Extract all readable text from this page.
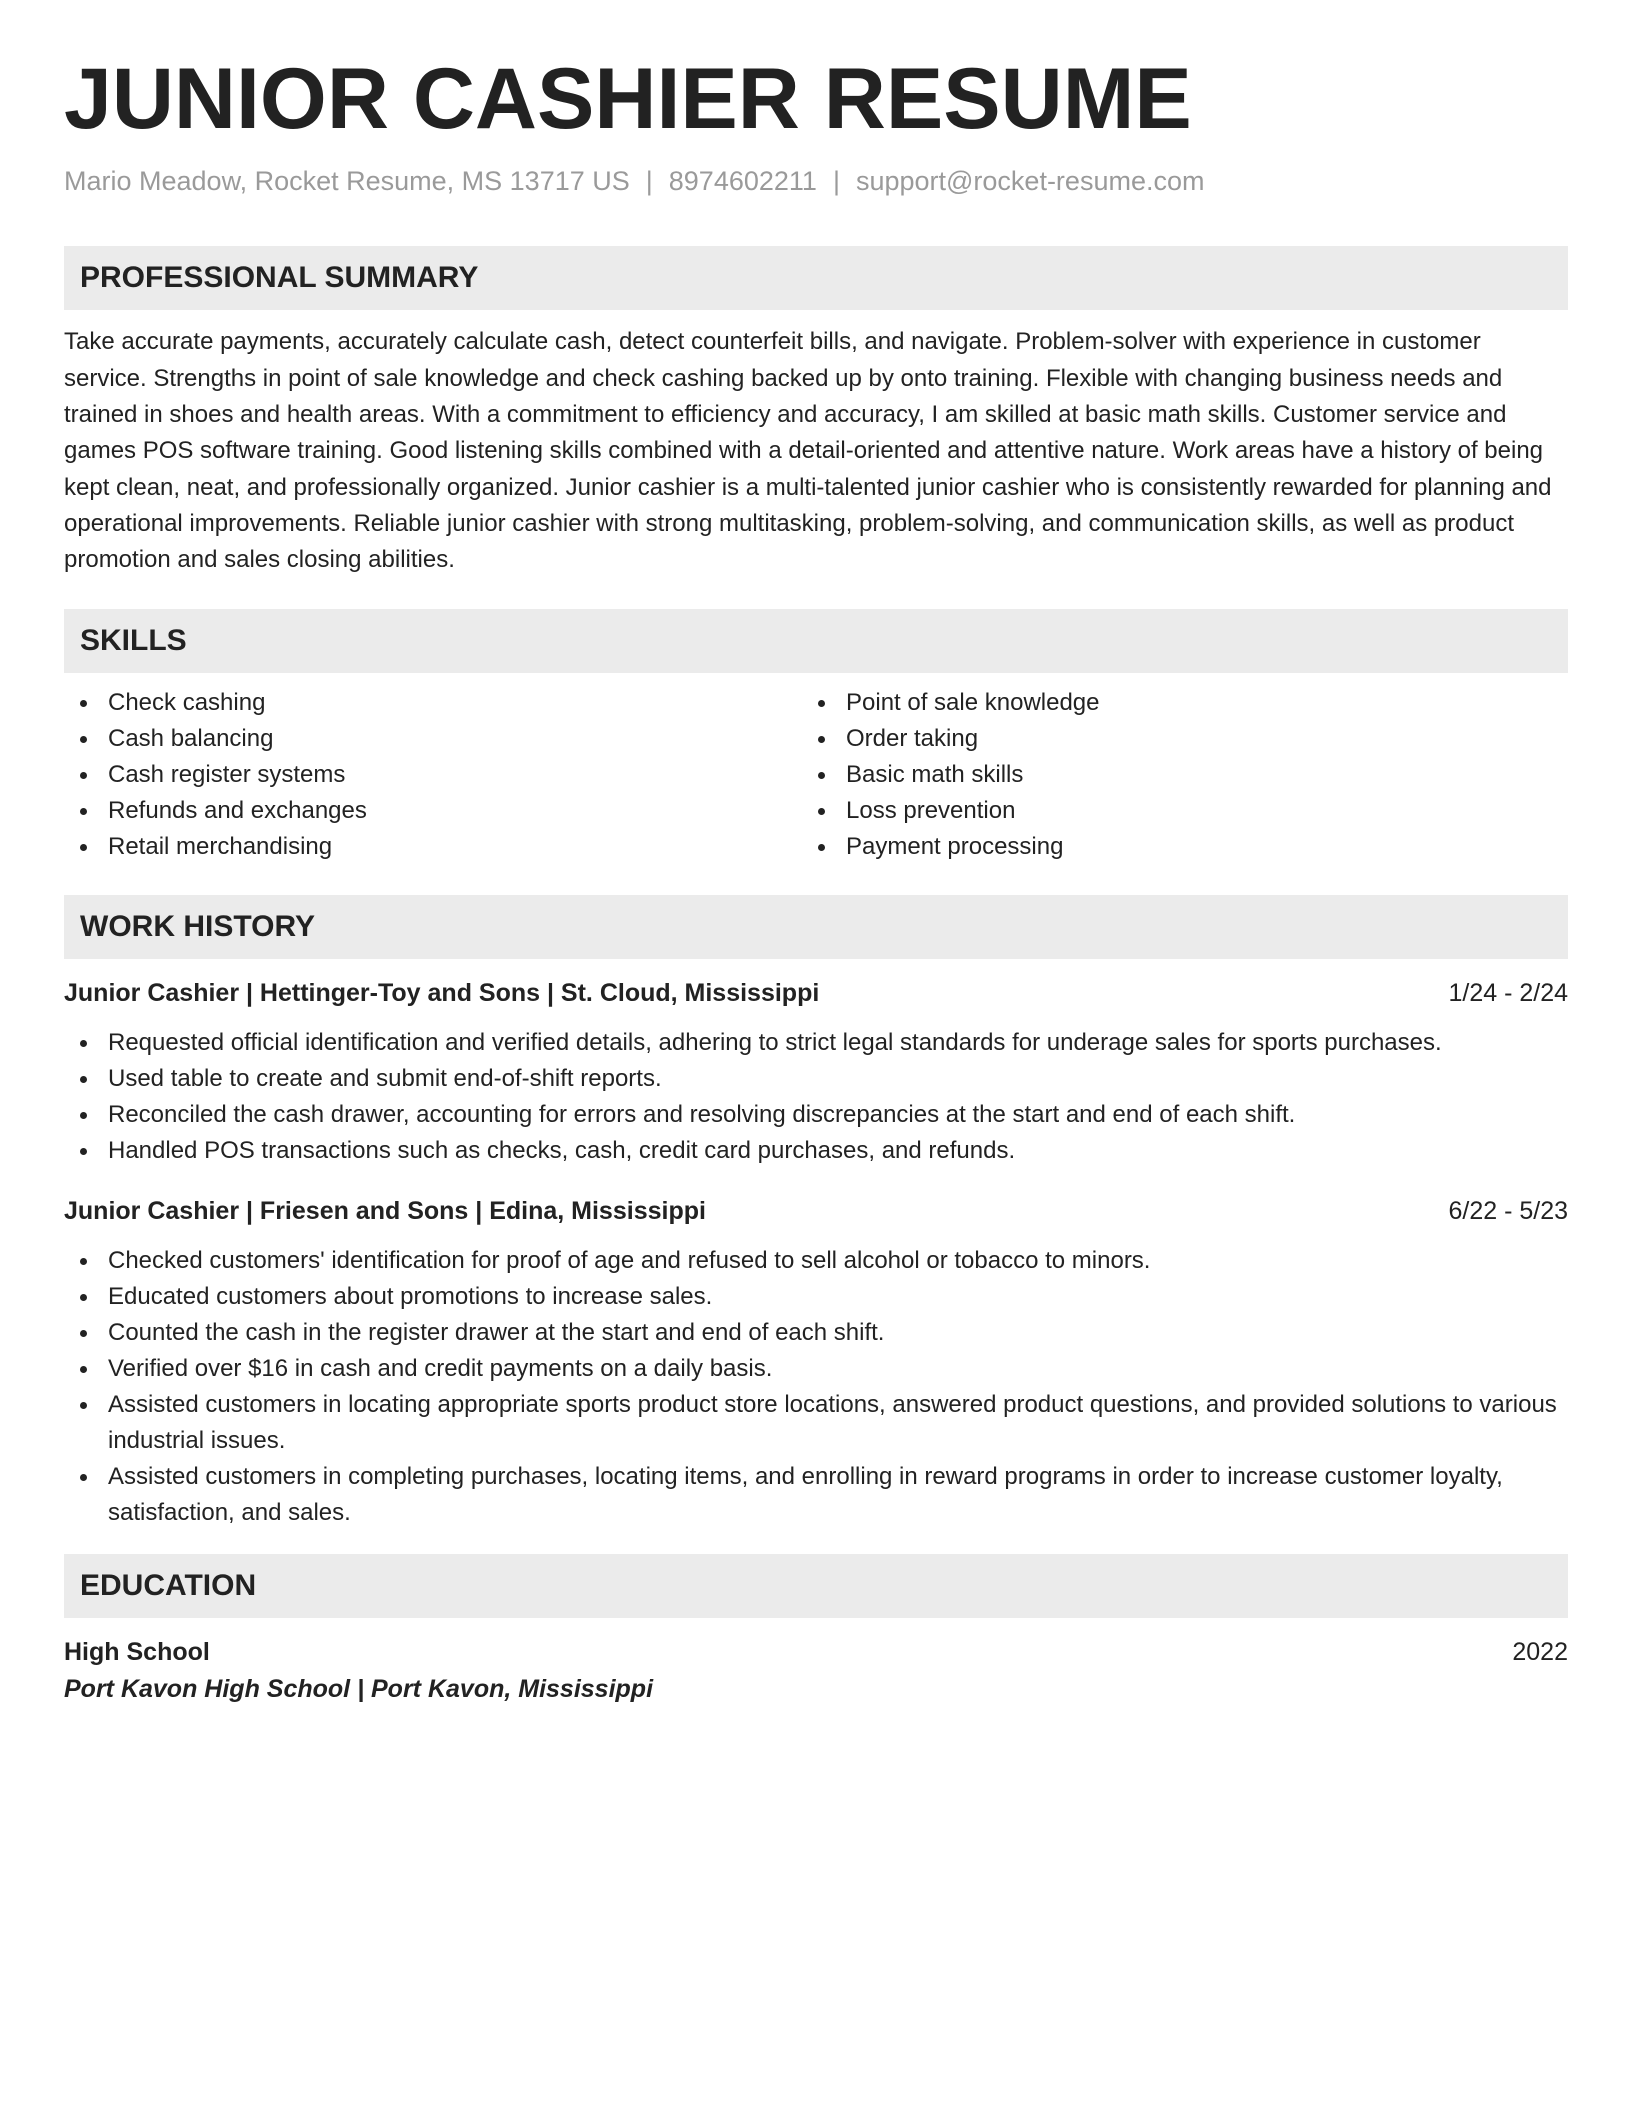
JUNIOR CASHIER RESUME
Mario Meadow, Rocket Resume, MS 13717 US | 8974602211 | support@rocket-resume.com
PROFESSIONAL SUMMARY
Take accurate payments, accurately calculate cash, detect counterfeit bills, and navigate. Problem-solver with experience in customer service. Strengths in point of sale knowledge and check cashing backed up by onto training. Flexible with changing business needs and trained in shoes and health areas. With a commitment to efficiency and accuracy, I am skilled at basic math skills. Customer service and games POS software training. Good listening skills combined with a detail-oriented and attentive nature. Work areas have a history of being kept clean, neat, and professionally organized. Junior cashier is a multi-talented junior cashier who is consistently rewarded for planning and operational improvements. Reliable junior cashier with strong multitasking, problem-solving, and communication skills, as well as product promotion and sales closing abilities.
SKILLS
Check cashing
Cash balancing
Cash register systems
Refunds and exchanges
Retail merchandising
Point of sale knowledge
Order taking
Basic math skills
Loss prevention
Payment processing
WORK HISTORY
Junior Cashier | Hettinger-Toy and Sons | St. Cloud, Mississippi	1/24 - 2/24
Requested official identification and verified details, adhering to strict legal standards for underage sales for sports purchases.
Used table to create and submit end-of-shift reports.
Reconciled the cash drawer, accounting for errors and resolving discrepancies at the start and end of each shift.
Handled POS transactions such as checks, cash, credit card purchases, and refunds.
Junior Cashier | Friesen and Sons | Edina, Mississippi	6/22 - 5/23
Checked customers' identification for proof of age and refused to sell alcohol or tobacco to minors.
Educated customers about promotions to increase sales.
Counted the cash in the register drawer at the start and end of each shift.
Verified over $16 in cash and credit payments on a daily basis.
Assisted customers in locating appropriate sports product store locations, answered product questions, and provided solutions to various industrial issues.
Assisted customers in completing purchases, locating items, and enrolling in reward programs in order to increase customer loyalty, satisfaction, and sales.
EDUCATION
High School	2022
Port Kavon High School | Port Kavon, Mississippi
